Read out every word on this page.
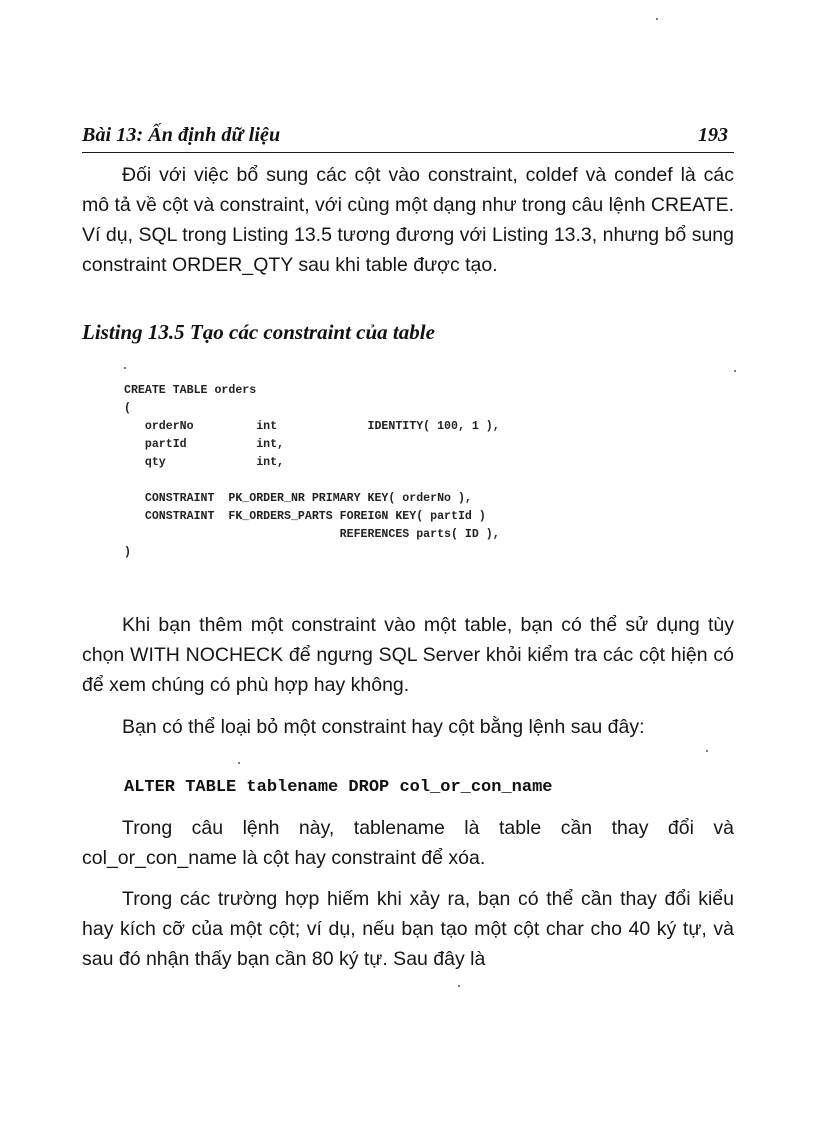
Bài 13: Ấn định dữ liệu	193

Đối với việc bổ sung các cột vào constraint, coldef và condef là các mô tả về cột và constraint, với cùng một dạng như trong câu lệnh CREATE. Ví dụ, SQL trong Listing 13.5 tương đương với Listing 13.3, nhưng bổ sung constraint ORDER_QTY sau khi table được tạo.

Listing 13.5 Tạo các constraint của table
CREATE TABLE orders
(
orderNo         int             IDENTITY( 100, 1 ),
partId          int,
qty             int,

CONSTRAINT  PK_ORDER_NR PRIMARY KEY( orderNo ),
CONSTRAINT  FK_ORDERS_PARTS FOREIGN KEY( partId )
REFERENCES parts( ID ),
)

Khi bạn thêm một constraint vào một table, bạn có thể sử dụng tùy chọn WITH NOCHECK để ngưng SQL Server khỏi kiểm tra các cột hiện có để xem chúng có phù hợp hay không.

Bạn có thể loại bỏ một constraint hay cột bằng lệnh sau đây:

ALTER TABLE tablename DROP col_or_con_name

Trong câu lệnh này, tablename là table cần thay đổi và col_or_con_name là cột hay constraint để xóa.

Trong các trường hợp hiếm khi xảy ra, bạn có thể cần thay đổi kiểu hay kích cỡ của một cột; ví dụ, nếu bạn tạo một cột char cho 40 ký tự, và sau đó nhận thấy bạn cần 80 ký tự. Sau đây là
